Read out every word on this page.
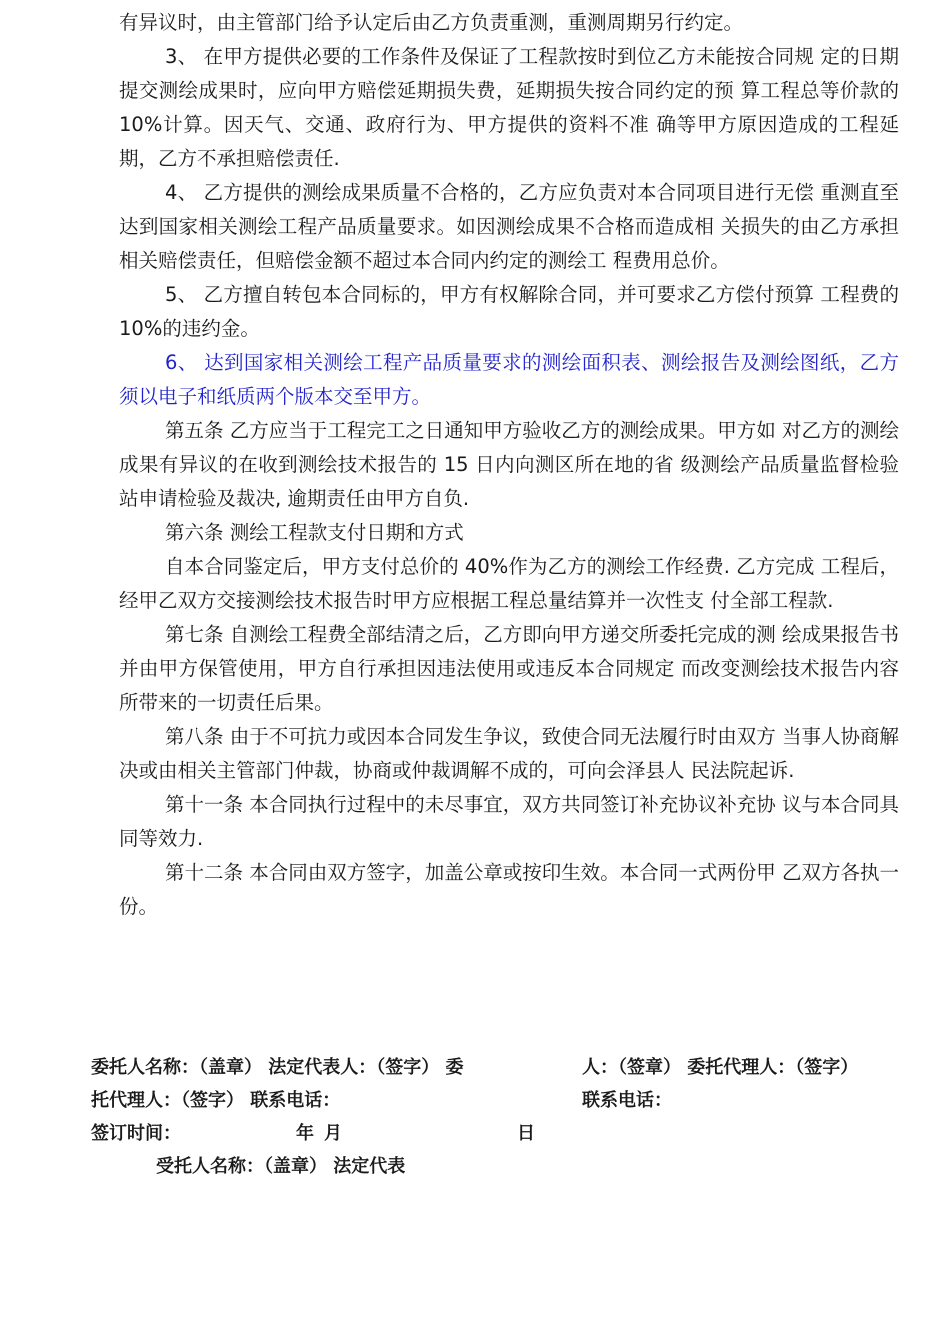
有异议时，由主管部门给予认定后由乙方负责重测，重测周期另行约定。

3、 在甲方提供必要的工作条件及保证了工程款按时到位乙方未能按合同规 定的日期提交测绘成果时，应向甲方赔偿延期损失费，延期损失按合同约定的预 算工程总等价款的 10%计算。因天气、交通、政府行为、甲方提供的资料不准 确等甲方原因造成的工程延期，乙方不承担赔偿责任.

4、 乙方提供的测绘成果质量不合格的，乙方应负责对本合同项目进行无偿 重测直至达到国家相关测绘工程产品质量要求。如因测绘成果不合格而造成相 关损失的由乙方承担相关赔偿责任，但赔偿金额不超过本合同内约定的测绘工 程费用总价。

5、 乙方擅自转包本合同标的，甲方有权解除合同，并可要求乙方偿付预算 工程费的 10%的违约金。

6、 达到国家相关测绘工程产品质量要求的测绘面积表、测绘报告及测绘图纸，乙方须以电子和纸质两个版本交至甲方。

第五条 乙方应当于工程完工之日通知甲方验收乙方的测绘成果。甲方如 对乙方的测绘成果有异议的在收到测绘技术报告的 15 日内向测区所在地的省 级测绘产品质量监督检验站申请检验及裁决, 逾期责任由甲方自负.

第六条 测绘工程款支付日期和方式

自本合同鉴定后，甲方支付总价的 40%作为乙方的测绘工作经费. 乙方完成 工程后，经甲乙双方交接测绘技术报告时甲方应根据工程总量结算并一次性支 付全部工程款.

第七条 自测绘工程费全部结清之后，乙方即向甲方递交所委托完成的测 绘成果报告书并由甲方保管使用，甲方自行承担因违法使用或违反本合同规定 而改变测绘技术报告内容所带来的一切责任后果。

第八条 由于不可抗力或因本合同发生争议，致使合同无法履行时由双方 当事人协商解决或由相关主管部门仲裁，协商或仲裁调解不成的，可向会泽县人 民法院起诉.

第十一条 本合同执行过程中的未尽事宜，双方共同签订补充协议补充协 议与本合同具同等效力.

第十二条 本合同由双方签字，加盖公章或按印生效。本合同一式两份甲 乙双方各执一份。

委托人名称：（盖章） 法定代表人：（签字） 委托代理人：（签字） 联系电话：

人：（签章） 委托代理人：（签字） 联系电话：

签订时间：	年 月	日

受托人名称：（盖章） 法定代表
